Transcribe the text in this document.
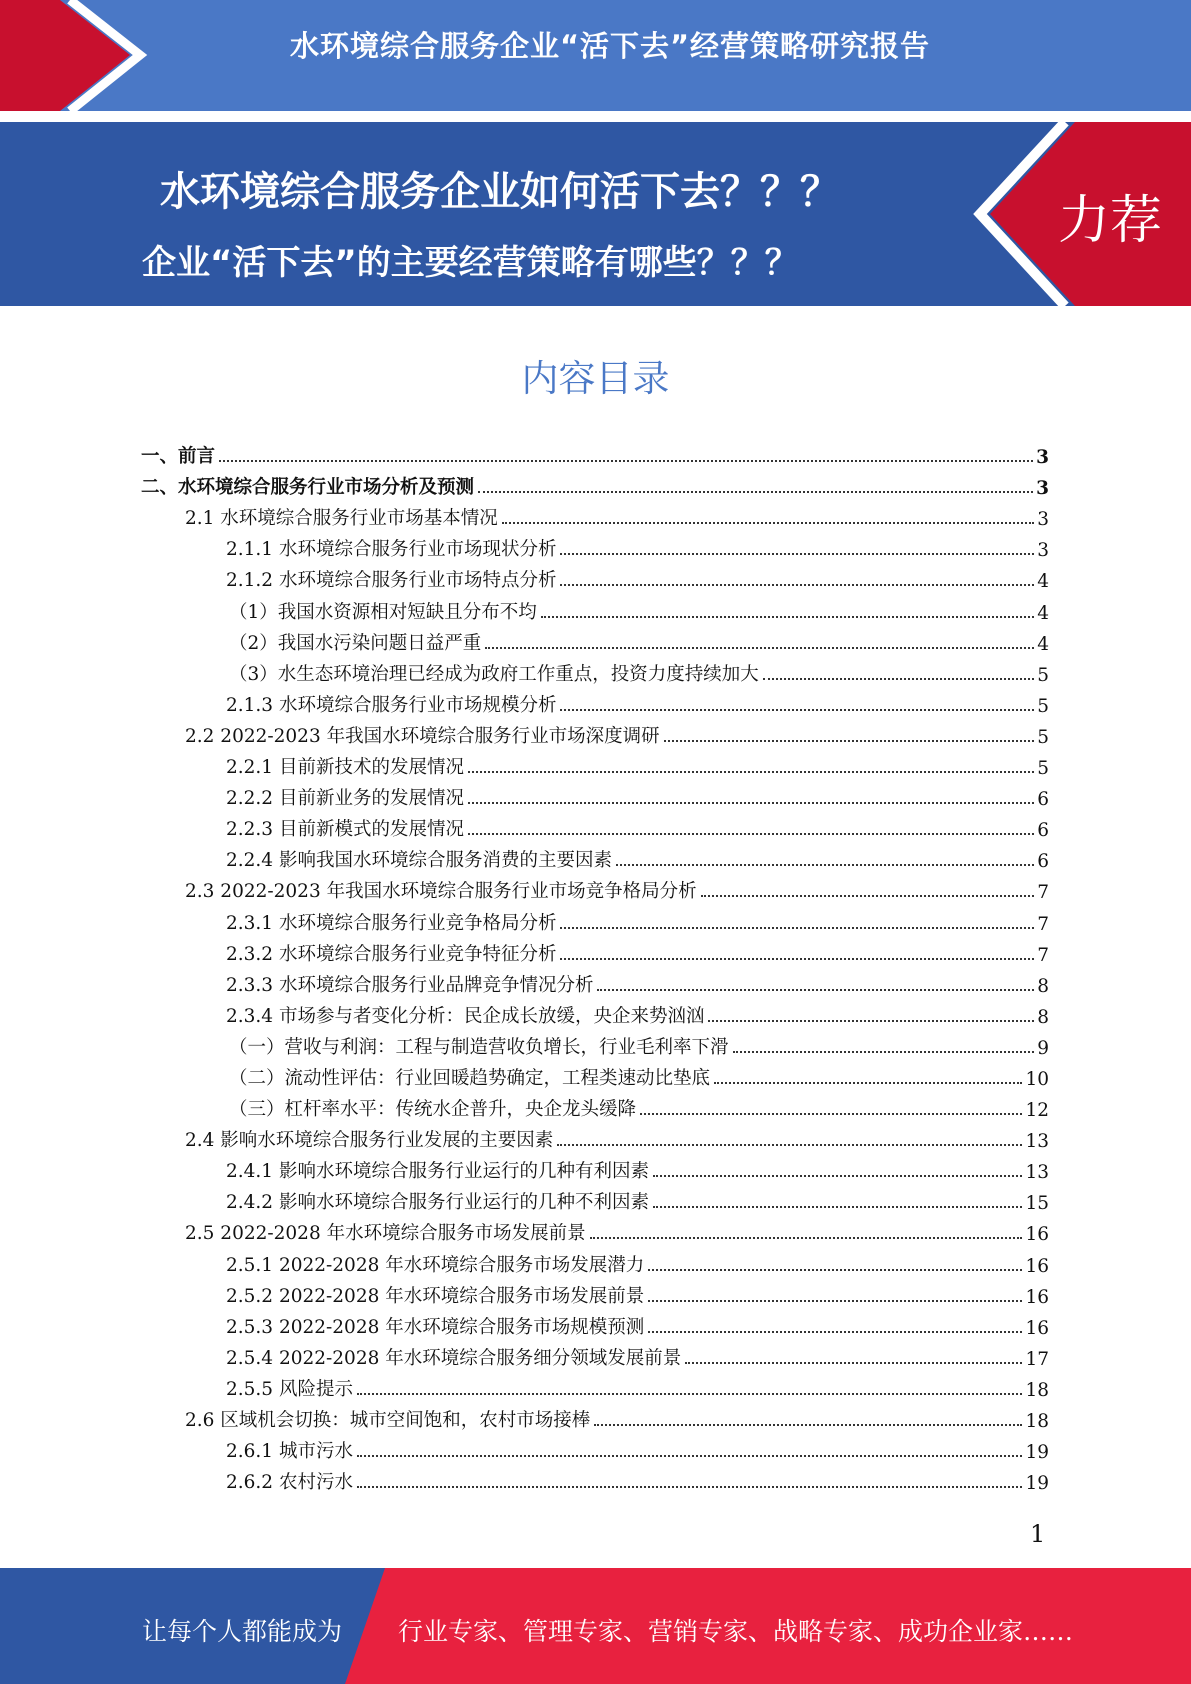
水环境综合服务企业“活下去”经营策略研究报告
水环境综合服务企业如何活下去？？？
企业“活下去”的主要经营策略有哪些？？？
力荐
内容目录
一、前言	3
二、水环境综合服务行业市场分析及预测	3
2.1 水环境综合服务行业市场基本情况	3
2.1.1 水环境综合服务行业市场现状分析	3
2.1.2 水环境综合服务行业市场特点分析	4
（1）我国水资源相对短缺且分布不均	4
（2）我国水污染问题日益严重	4
（3）水生态环境治理已经成为政府工作重点，投资力度持续加大	5
2.1.3 水环境综合服务行业市场规模分析	5
2.2 2022-2023 年我国水环境综合服务行业市场深度调研	5
2.2.1 目前新技术的发展情况	5
2.2.2 目前新业务的发展情况	6
2.2.3 目前新模式的发展情况	6
2.2.4 影响我国水环境综合服务消费的主要因素	6
2.3 2022-2023 年我国水环境综合服务行业市场竞争格局分析	7
2.3.1 水环境综合服务行业竞争格局分析	7
2.3.2 水环境综合服务行业竞争特征分析	7
2.3.3 水环境综合服务行业品牌竞争情况分析	8
2.3.4 市场参与者变化分析：民企成长放缓，央企来势汹汹	8
（一）营收与利润：工程与制造营收负增长，行业毛利率下滑	9
（二）流动性评估：行业回暖趋势确定，工程类速动比垫底	10
（三）杠杆率水平：传统水企普升，央企龙头缓降	12
2.4 影响水环境综合服务行业发展的主要因素	13
2.4.1 影响水环境综合服务行业运行的几种有利因素	13
2.4.2 影响水环境综合服务行业运行的几种不利因素	15
2.5 2022-2028 年水环境综合服务市场发展前景	16
2.5.1 2022-2028 年水环境综合服务市场发展潜力	16
2.5.2 2022-2028 年水环境综合服务市场发展前景	16
2.5.3 2022-2028 年水环境综合服务市场规模预测	16
2.5.4 2022-2028 年水环境综合服务细分领域发展前景	17
2.5.5 风险提示	18
2.6 区域机会切换：城市空间饱和，农村市场接棒	18
2.6.1 城市污水	19
2.6.2 农村污水	19
1
让每个人都能成为 行业专家、管理专家、营销专家、战略专家、成功企业家……
